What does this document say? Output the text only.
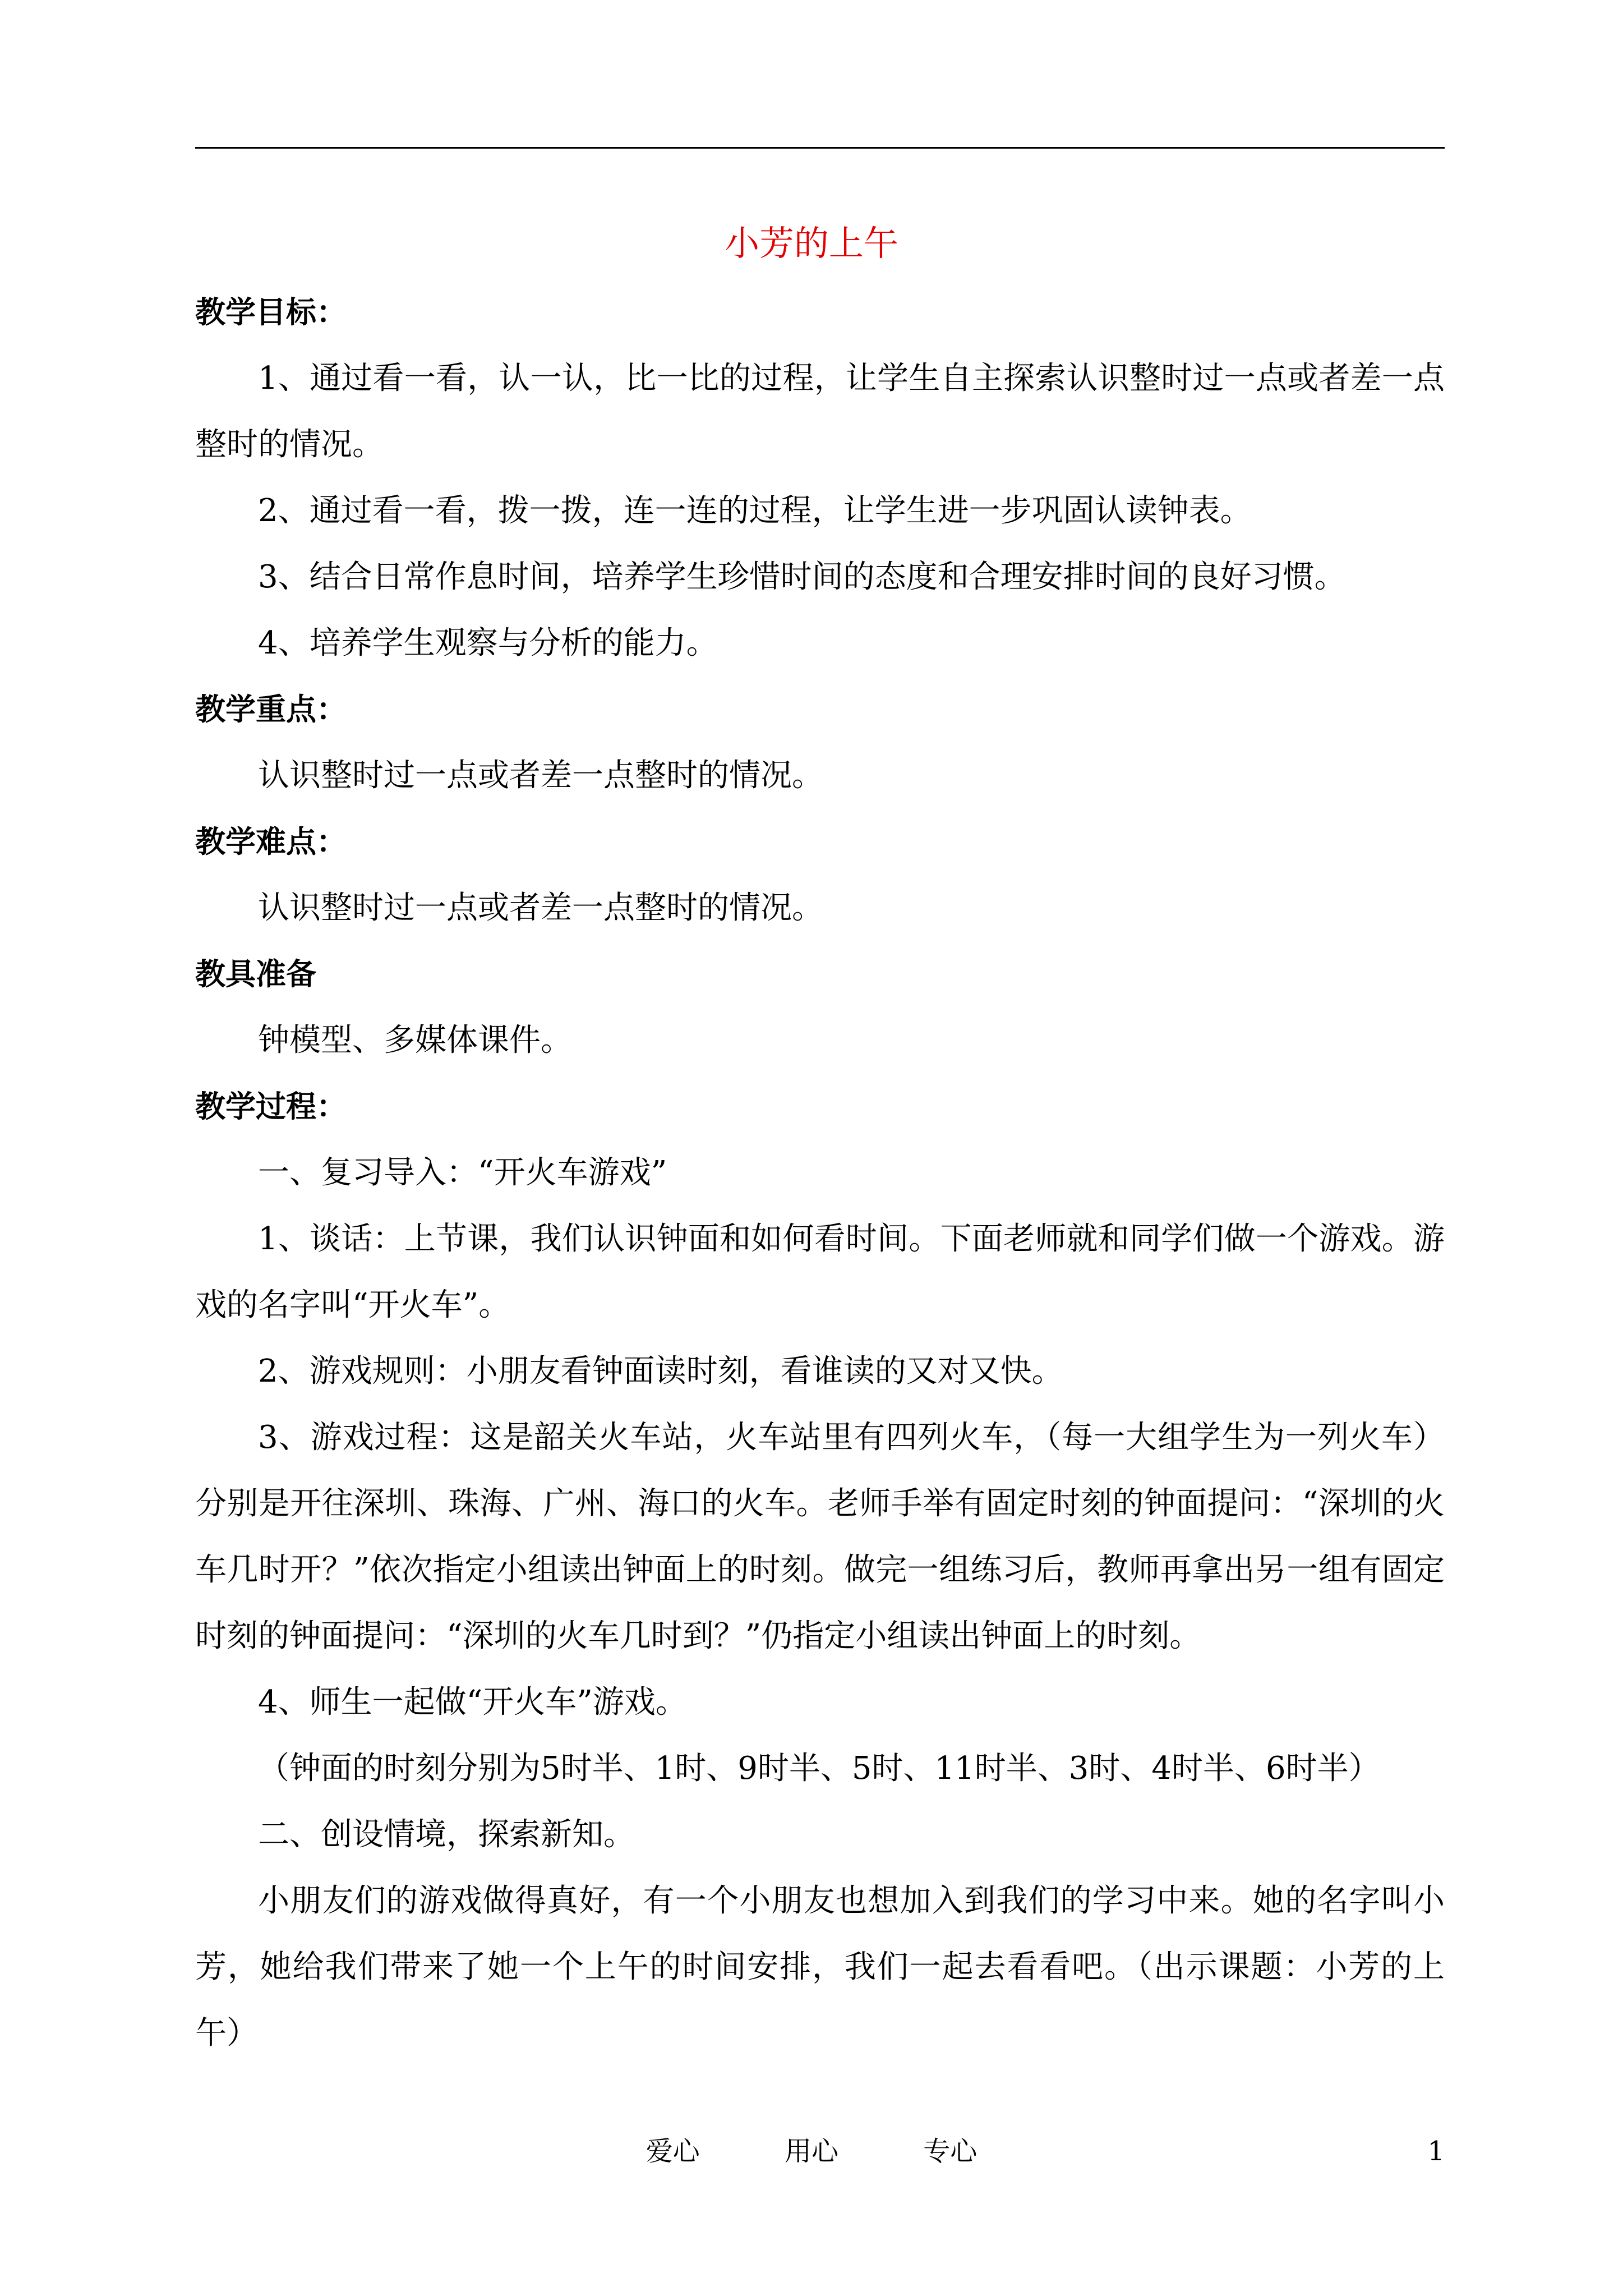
小芳的上午
教学目标：
1、通过看一看，认一认，比一比的过程，让学生自主探索认识整时过一点或者差一点整时的情况。
2、通过看一看，拨一拨，连一连的过程，让学生进一步巩固认读钟表。
3、结合日常作息时间，培养学生珍惜时间的态度和合理安排时间的良好习惯。
4、培养学生观察与分析的能力。
教学重点：
认识整时过一点或者差一点整时的情况。
教学难点：
认识整时过一点或者差一点整时的情况。
教具准备
钟模型、多媒体课件。
教学过程：
一、复习导入：“开火车游戏”
1、谈话：上节课，我们认识钟面和如何看时间。下面老师就和同学们做一个游戏。游戏的名字叫“开火车”。
2、游戏规则：小朋友看钟面读时刻，看谁读的又对又快。
3、游戏过程：这是韶关火车站，火车站里有四列火车，（每一大组学生为一列火车）分别是开往深圳、珠海、广州、海口的火车。老师手举有固定时刻的钟面提问：“深圳的火车几时开？”依次指定小组读出钟面上的时刻。做完一组练习后，教师再拿出另一组有固定时刻的钟面提问：“深圳的火车几时到？”仍指定小组读出钟面上的时刻。
4、师生一起做“开火车”游戏。
（钟面的时刻分别为5时半、1时、9时半、5时、11时半、3时、4时半、6时半）
二、创设情境，探索新知。
小朋友们的游戏做得真好，有一个小朋友也想加入到我们的学习中来。她的名字叫小芳，她给我们带来了她一个上午的时间安排，我们一起去看看吧。（出示课题：小芳的上午）
爱心	用心	专心	1
